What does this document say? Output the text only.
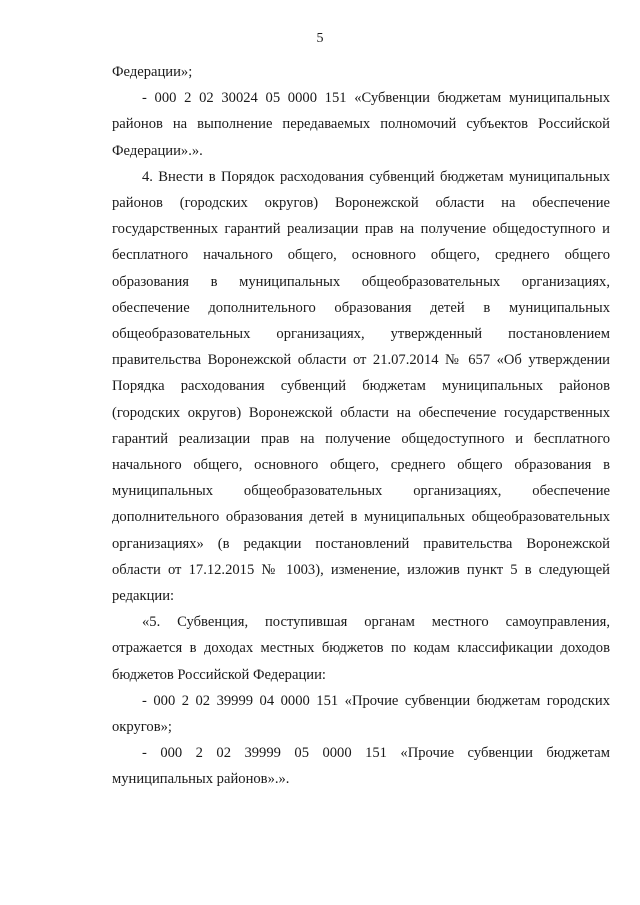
5

Федерации»;

- 000 2 02 30024 05 0000 151 «Субвенции бюджетам муниципальных районов на выполнение передаваемых полномочий субъектов Российской Федерации».».

4. Внести в Порядок расходования субвенций бюджетам муниципальных районов (городских округов) Воронежской области на обеспечение государственных гарантий реализации прав на получение общедоступного и бесплатного начального общего, основного общего, среднего общего образования в муниципальных общеобразовательных организациях, обеспечение дополнительного образования детей в муниципальных общеобразовательных организациях, утвержденный постановлением правительства Воронежской области от 21.07.2014 № 657 «Об утверждении Порядка расходования субвенций бюджетам муниципальных районов (городских округов) Воронежской области на обеспечение государственных гарантий реализации прав на получение общедоступного и бесплатного начального общего, основного общего, среднего общего образования в муниципальных общеобразовательных организациях, обеспечение дополнительного образования детей в муниципальных общеобразовательных организациях» (в редакции постановлений правительства Воронежской области от 17.12.2015 № 1003), изменение, изложив пункт 5 в следующей редакции:

«5. Субвенция, поступившая органам местного самоуправления, отражается в доходах местных бюджетов по кодам классификации доходов бюджетов Российской Федерации:

- 000 2 02 39999 04 0000 151 «Прочие субвенции бюджетам городских округов»;

- 000 2 02 39999 05 0000 151 «Прочие субвенции бюджетам муниципальных районов».».
